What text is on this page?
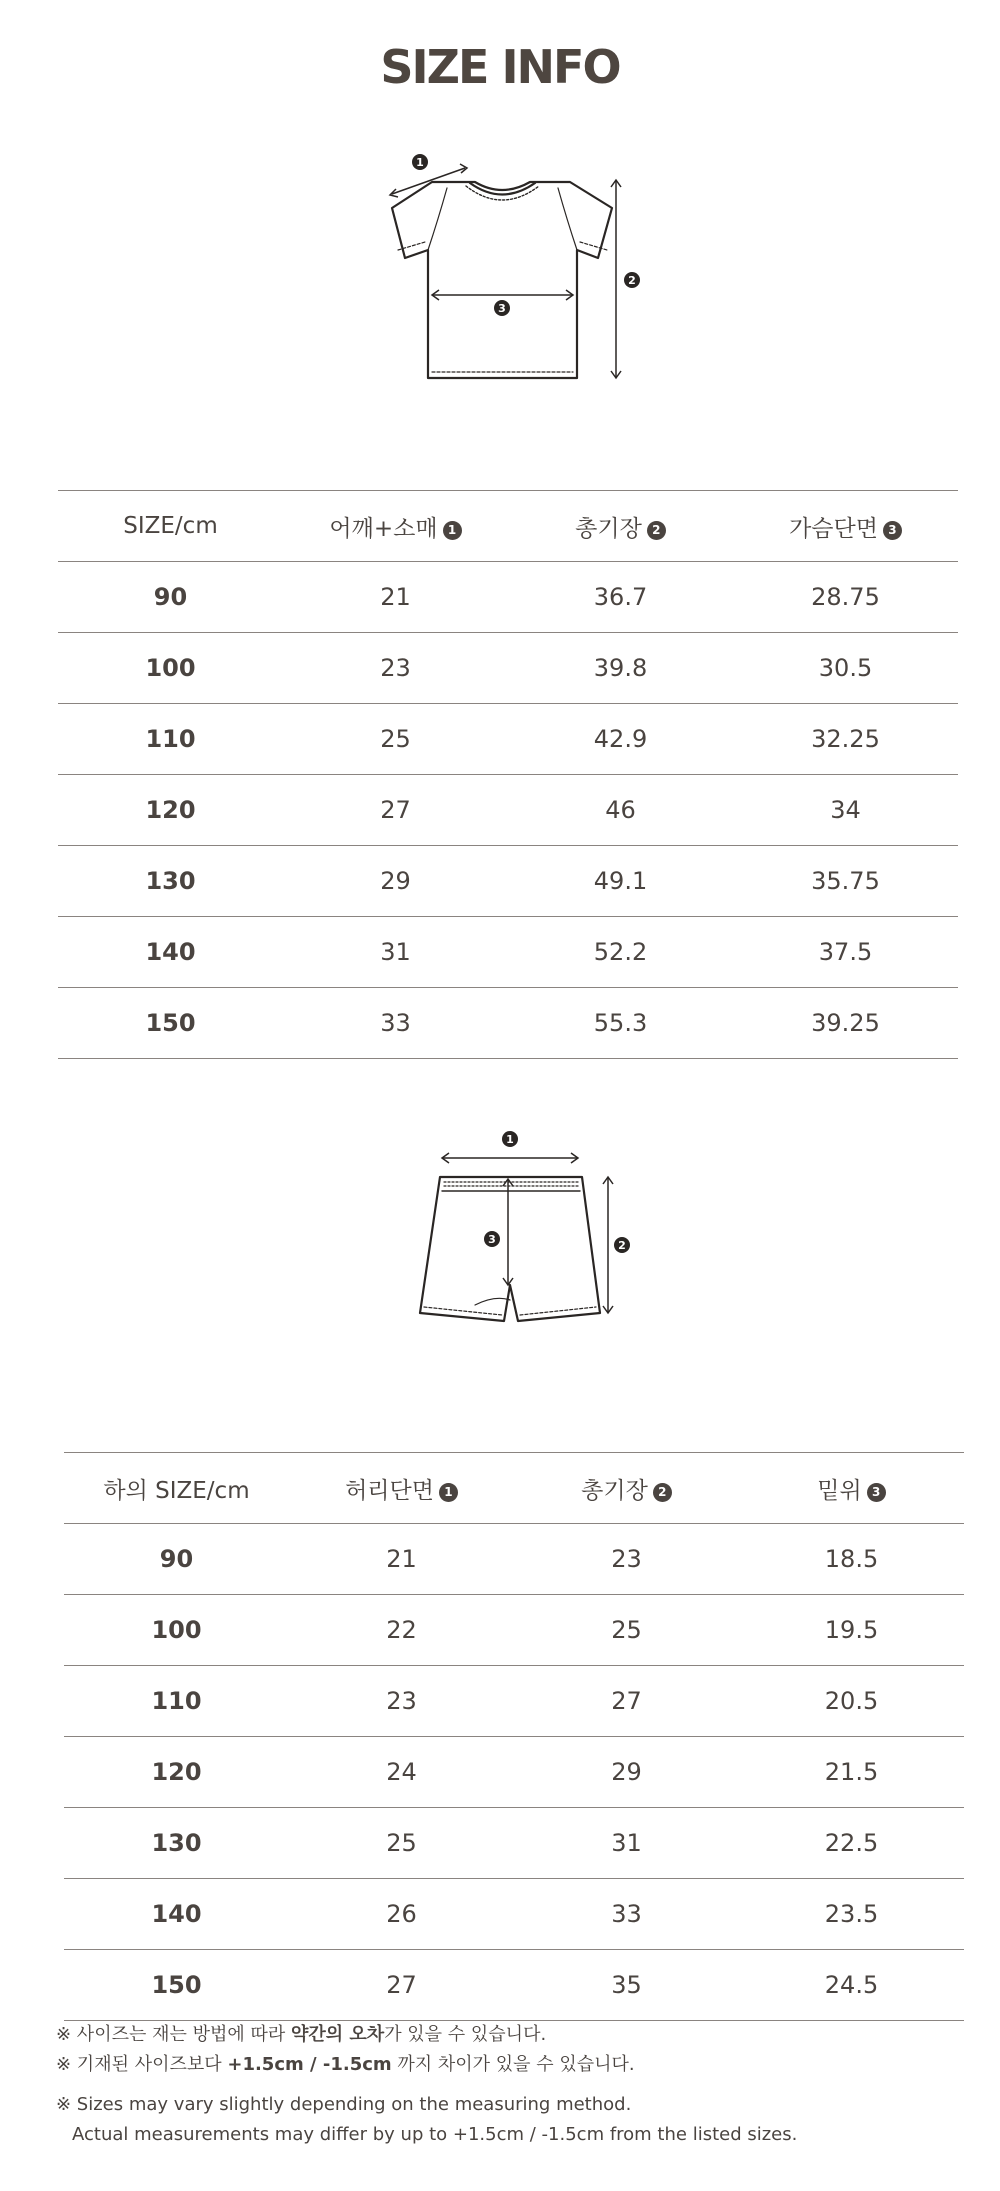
SIZE INFO
1
2
3
SIZE/cm	어깨+소매 1	총기장 2	가슴단면 3
90	21	36.7	28.75
100	23	39.8	30.5
110	25	42.9	32.25
120	27	46	34
130	29	49.1	35.75
140	31	52.2	37.5
150	33	55.3	39.25
1
2
3
하의 SIZE/cm	허리단면 1	총기장 2	밑위 3
90	21	23	18.5
100	22	25	19.5
110	23	27	20.5
120	24	29	21.5
130	25	31	22.5
140	26	33	23.5
150	27	35	24.5
※ 사이즈는 재는 방법에 따라 약간의 오차가 있을 수 있습니다.
※ 기재된 사이즈보다 +1.5cm / -1.5cm 까지 차이가 있을 수 있습니다.
※ Sizes may vary slightly depending on the measuring method.
Actual measurements may differ by up to +1.5cm / -1.5cm from the listed sizes.
